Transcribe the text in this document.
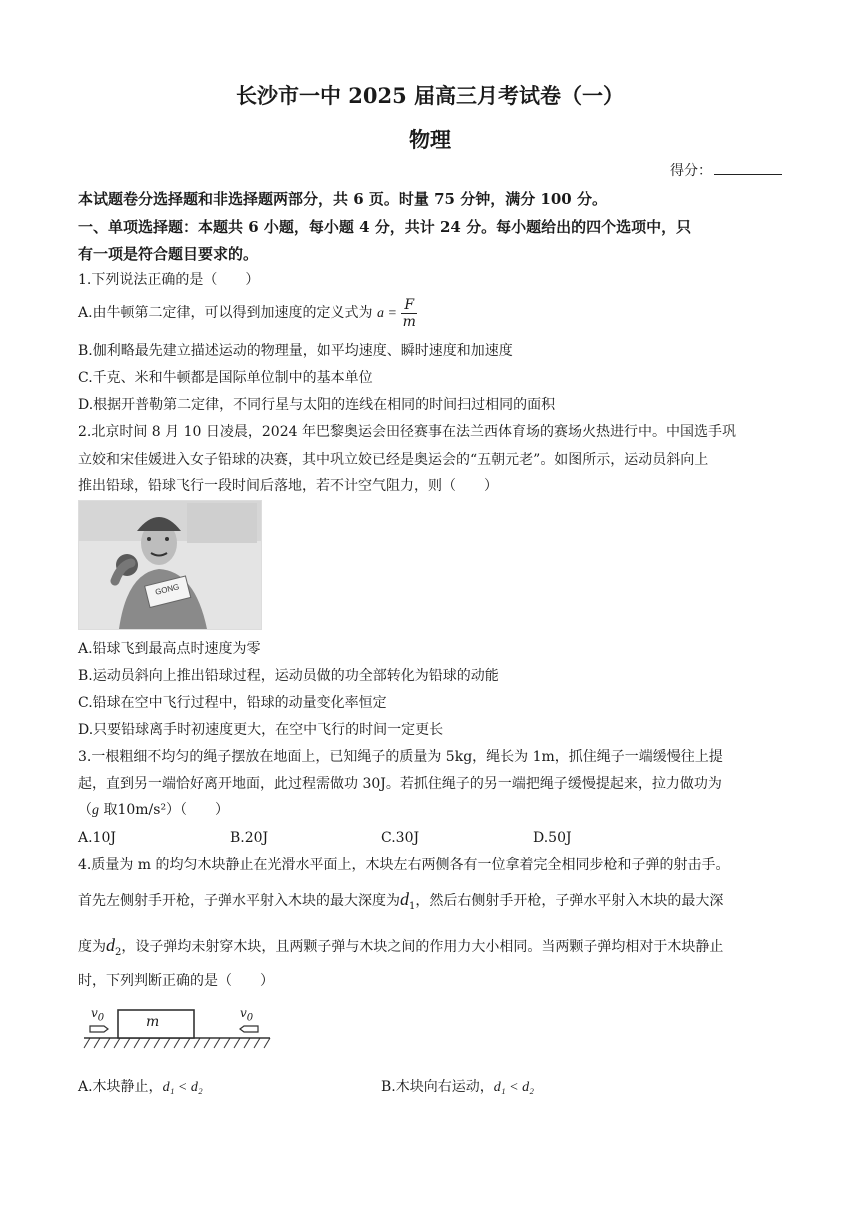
长沙市一中 2025 届高三月考试卷（一）
物理
得分：
本试题卷分选择题和非选择题两部分，共 6 页。时量 75 分钟，满分 100 分。
一、单项选择题：本题共 6 小题，每小题 4 分，共计 24 分。每小题给出的四个选项中，只
有一项是符合题目要求的。
1.下列说法正确的是（　　）
A.由牛顿第二定律，可以得到加速度的定义式为 $a = \frac{F}{m}$
B.伽利略最先建立描述运动的物理量，如平均速度、瞬时速度和加速度
C.千克、米和牛顿都是国际单位制中的基本单位
D.根据开普勒第二定律，不同行星与太阳的连线在相同的时间扫过相同的面积
2.北京时间 8 月 10 日凌晨，2024 年巴黎奥运会田径赛事在法兰西体育场的赛场火热进行中。中国选手巩
立姣和宋佳媛进入女子铅球的决赛，其中巩立姣已经是奥运会的“五朝元老”。如图所示，运动员斜向上
推出铅球，铅球飞行一段时间后落地，若不计空气阻力，则（　　）
GONG
A.铅球飞到最高点时速度为零
B.运动员斜向上推出铅球过程，运动员做的功全部转化为铅球的动能
C.铅球在空中飞行过程中，铅球的动量变化率恒定
D.只要铅球离手时初速度更大，在空中飞行的时间一定更长
3.一根粗细不均匀的绳子摆放在地面上，已知绳子的质量为 5kg，绳长为 1m，抓住绳子一端缓慢往上提
起，直到另一端恰好离开地面，此过程需做功 30J。若抓住绳子的另一端把绳子缓慢提起来，拉力做功为
（g 取10m/s²）（　　）
A.10J	B.20J	C.30J	D.50J
4.质量为 m 的均匀木块静止在光滑水平面上，木块左右两侧各有一位拿着完全相同步枪和子弹的射击手。
首先左侧射手开枪，子弹水平射入木块的最大深度为$d_1$，然后右侧射手开枪，子弹水平射入木块的最大深
度为$d_2$，设子弹均未射穿木块，且两颗子弹与木块之间的作用力大小相同。当两颗子弹均相对于木块静止
时，下列判断正确的是（　　）
m
$v_0$	$v_0$
A.木块静止，d₁ < d₂	B.木块向右运动，d₁ < d₂
